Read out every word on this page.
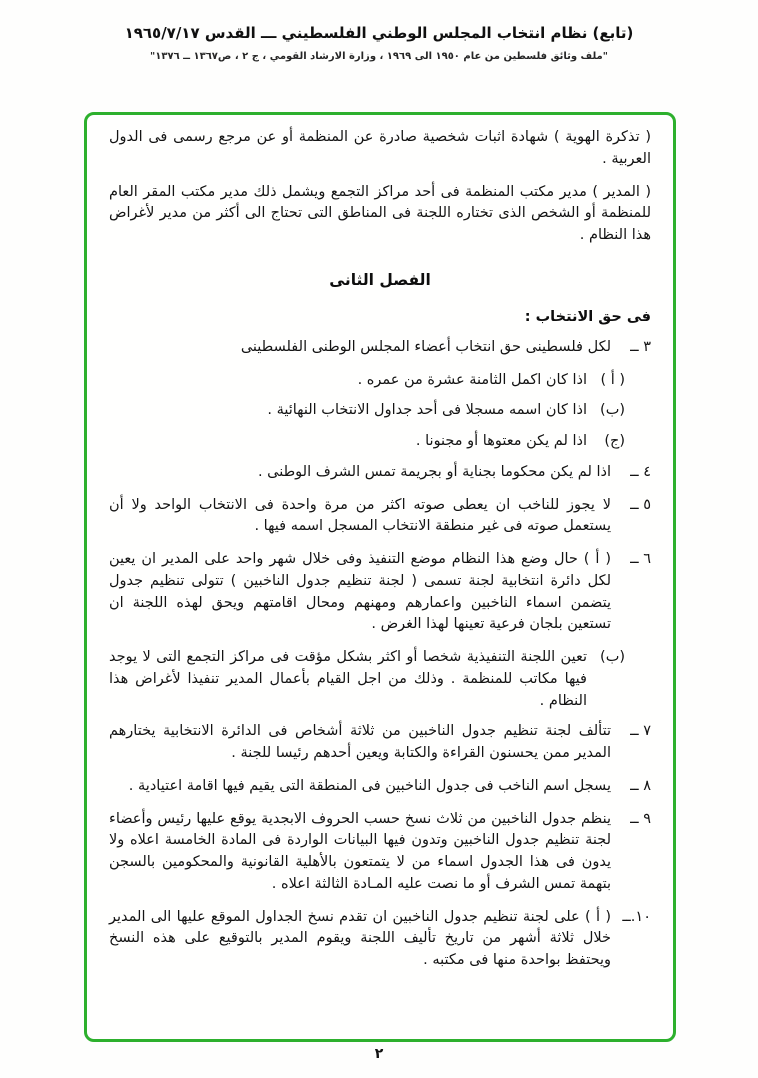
(تابع) نظام انتخاب المجلس الوطني الفلسطيني ـــ القدس ١٩٦٥/٧/١٧
"ملف وثائق فلسطين من عام ١٩٥٠ الى ١٩٦٩ ، وزارة الارشاد القومي ، ج ٢ ، ص١٣٦٧ ــ ١٣٧٦"

( تذكرة الهوية ) شهادة اثبات شخصية صادرة عن المنظمة أو عن مرجع رسمى فى الدول العربية .

( المدير ) مدير مكتب المنظمة فى أحد مراكز التجمع ويشمل ذلك مدير مكتب المقر العام للمنظمة أو الشخص الذى تختاره اللجنة فى المناطق التى تحتاج الى أكثر من مدير لأغراض هذا النظام .

الفصل الثانى
فى حق الانتخاب :
٣ ــ
لكل فلسطينى حق انتخاب أعضاء المجلس الوطنى الفلسطينى
( أ )
اذا كان اكمل الثامنة عشرة من عمره .
(ب)
اذا كان اسمه مسجلا فى أحد جداول الانتخاب النهائية .
(ج)
اذا لم يكن معتوها أو مجنونا .
٤ ــ
اذا لم يكن محكوما بجناية أو بجريمة تمس الشرف الوطنى .
٥ ــ
لا يجوز للناخب ان يعطى صوته اكثر من مرة واحدة فى الانتخاب الواحد ولا أن يستعمل صوته فى غير منطقة الانتخاب المسجل اسمه فيها .
٦ ــ
( أ ) حال وضع هذا النظام موضع التنفيذ وفى خلال شهر واحد على المدير ان يعين لكل دائرة انتخابية لجنة تسمى ( لجنة تنظيم جدول الناخبين ) تتولى تنظيم جدول يتضمن اسماء الناخبين واعمارهم ومهنهم ومحال اقامتهم ويحق لهذه اللجنة ان تستعين بلجان فرعية تعينها لهذا الغرض .
(ب)
تعين اللجنة التنفيذية شخصا أو اكثر بشكل مؤقت فى مراكز التجمع التى لا يوجد فيها مكاتب للمنظمة . وذلك من اجل القيام بأعمال المدير تنفيذا لأغراض هذا النظام .
٧ ــ
تتألف لجنة تنظيم جدول الناخبين من ثلاثة أشخاص فى الدائرة الانتخابية يختارهم المدير ممن يحسنون القراءة والكتابة ويعين أحدهم رئيسا للجنة .
٨ ــ
يسجل اسم الناخب فى جدول الناخبين فى المنطقة التى يقيم فيها اقامة اعتيادية .
٩ ــ
ينظم جدول الناخبين من ثلاث نسخ حسب الحروف الابجدية يوقع عليها رئيس وأعضاء لجنة تنظيم جدول الناخبين وتدون فيها البيانات الواردة فى المادة الخامسة اعلاه ولا يدون فى هذا الجدول اسماء من لا يتمتعون بالأهلية القانونية والمحكومين بالسجن بتهمة تمس الشرف أو ما نصت عليه المـادة الثالثة اعلاه .
١٠.ــ
( أ ) على لجنة تنظيم جدول الناخبين ان تقدم نسخ الجداول الموقع عليها الى المدير خلال ثلاثة أشهر من تاريخ تأليف اللجنة ويقوم المدير بالتوقيع على هذه النسخ ويحتفظ بواحدة منها فى مكتبه .
٢
